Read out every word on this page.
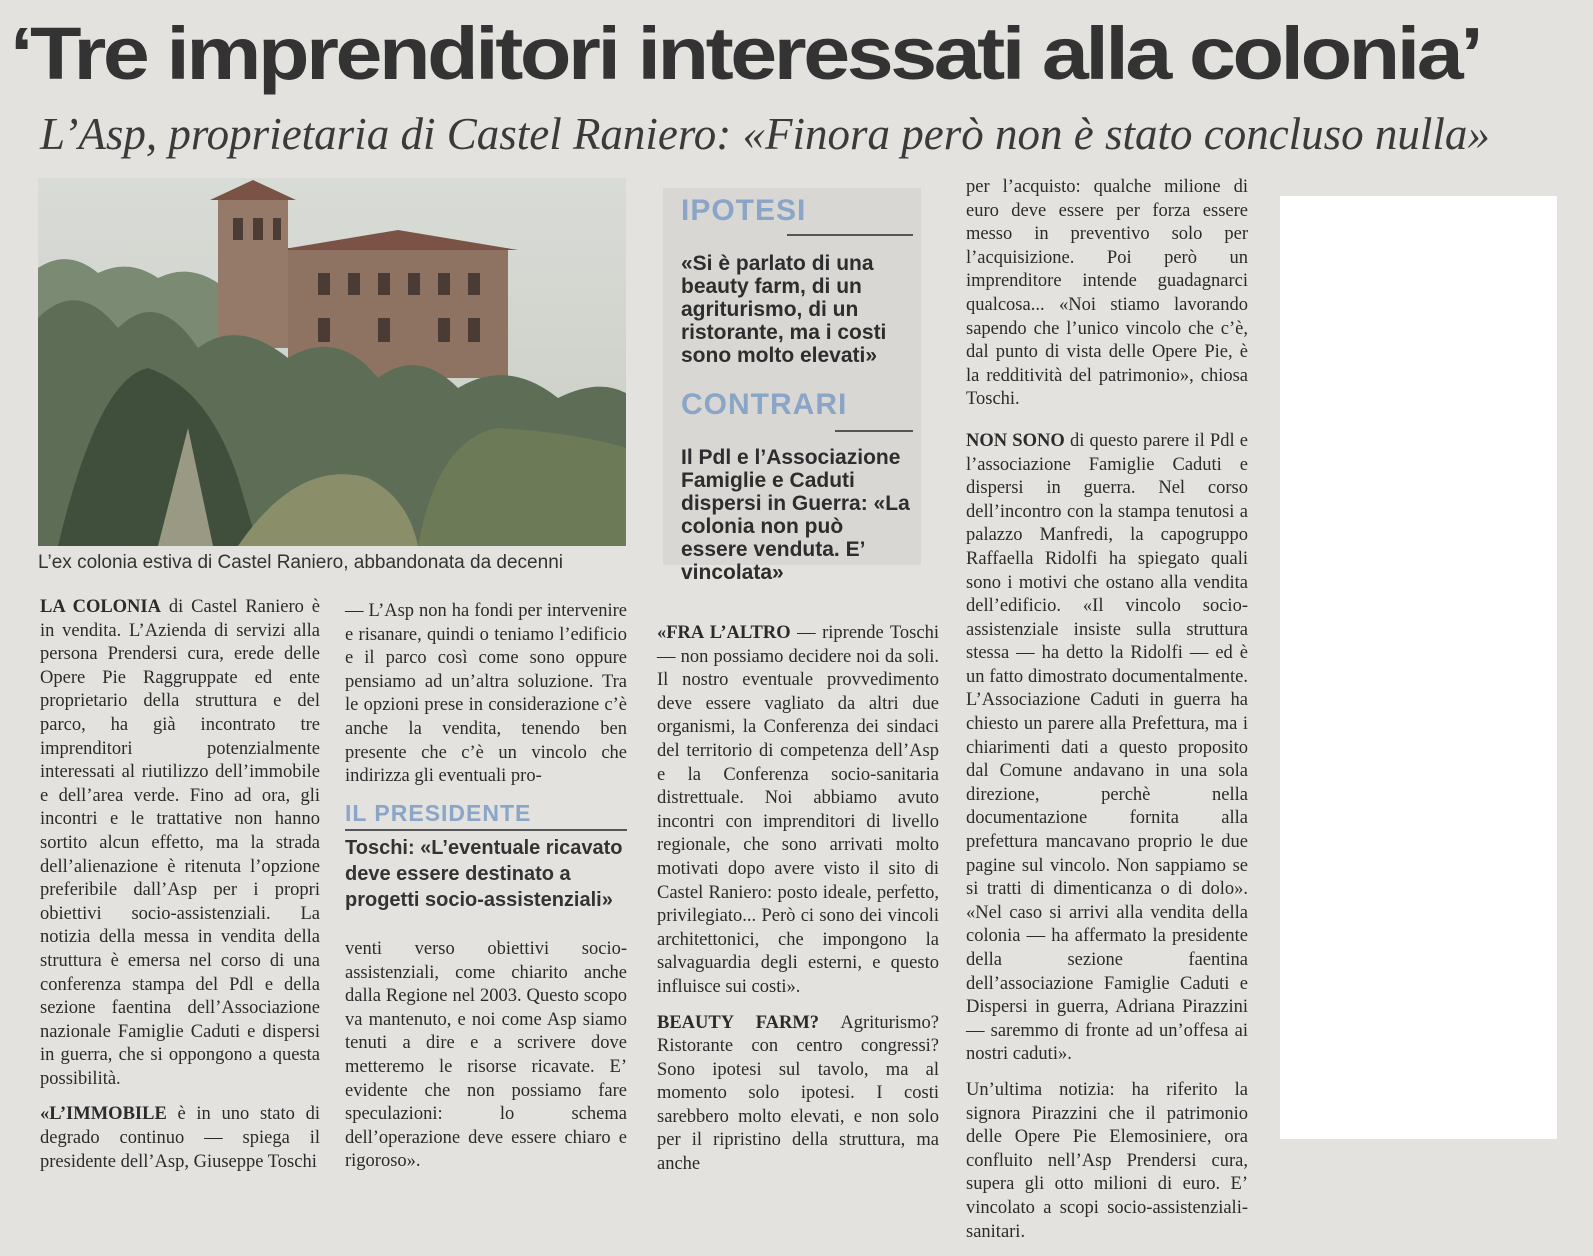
‘Tre imprenditori interessati alla colonia’
L’Asp, proprietaria di Castel Raniero: «Finora però non è stato concluso nulla»
L’ex colonia estiva di Castel Raniero, abbandonata da decenni
IPOTESI
«Si è parlato di una beauty farm, di un agriturismo, di un ristorante, ma i costi sono molto elevati»
CONTRARI
Il Pdl e l’Associazione Famiglie e Caduti dispersi in Guerra: «La colonia non può essere venduta. E’ vincolata»

LA COLONIA di Castel Raniero è in vendita. L’Azienda di servizi alla persona Prendersi cura, erede delle Opere Pie Raggruppate ed ente proprietario della struttura e del parco, ha già incontrato tre imprenditori potenzialmente interessati al riutilizzo dell’immobile e dell’area verde. Fino ad ora, gli incontri e le trattative non hanno sortito alcun effetto, ma la strada dell’alienazione è ritenuta l’opzione preferibile dall’Asp per i propri obiettivi socio-assistenziali. La notizia della messa in vendita della struttura è emersa nel corso di una conferenza stampa del Pdl e della sezione faentina dell’Associazione nazionale Famiglie Caduti e dispersi in guerra, che si oppongono a questa possibilità.

«L’IMMOBILE è in uno stato di degrado continuo — spiega il presidente dell’Asp, Giuseppe Toschi

— L’Asp non ha fondi per intervenire e risanare, quindi o teniamo l’edificio e il parco così come sono oppure pensiamo ad un’altra soluzione. Tra le opzioni prese in considerazione c’è anche la vendita, tenendo ben presente che c’è un vincolo che indirizza gli eventuali pro-

IL PRESIDENTE
Toschi: «L’eventuale ricavato deve essere destinato a progetti socio-assistenziali»

venti verso obiettivi socio-assistenziali, come chiarito anche dalla Regione nel 2003. Questo scopo va mantenuto, e noi come Asp siamo tenuti a dire e a scrivere dove metteremo le risorse ricavate. E’ evidente che non possiamo fare speculazioni: lo schema dell’operazione deve essere chiaro e rigoroso».

«FRA L’ALTRO — riprende Toschi — non possiamo decidere noi da soli. Il nostro eventuale provvedimento deve essere vagliato da altri due organismi, la Conferenza dei sindaci del territorio di competenza dell’Asp e la Conferenza socio-sanitaria distrettuale. Noi abbiamo avuto incontri con imprenditori di livello regionale, che sono arrivati molto motivati dopo avere visto il sito di Castel Raniero: posto ideale, perfetto, privilegiato... Però ci sono dei vincoli architettonici, che impongono la salvaguardia degli esterni, e questo influisce sui costi».

BEAUTY FARM? Agriturismo? Ristorante con centro congressi? Sono ipotesi sul tavolo, ma al momento solo ipotesi. I costi sarebbero molto elevati, e non solo per il ripristino della struttura, ma anche

per l’acquisto: qualche milione di euro deve essere per forza essere messo in preventivo solo per l’acquisizione. Poi però un imprenditore intende guadagnarci qualcosa... «Noi stiamo lavorando sapendo che l’unico vincolo che c’è, dal punto di vista delle Opere Pie, è la redditività del patrimonio», chiosa Toschi.

NON SONO di questo parere il Pdl e l’associazione Famiglie Caduti e dispersi in guerra. Nel corso dell’incontro con la stampa tenutosi a palazzo Manfredi, la capogruppo Raffaella Ridolfi ha spiegato quali sono i motivi che ostano alla vendita dell’edificio. «Il vincolo socio-assistenziale insiste sulla struttura stessa — ha detto la Ridolfi — ed è un fatto dimostrato documentalmente. L’Associazione Caduti in guerra ha chiesto un parere alla Prefettura, ma i chiarimenti dati a questo proposito dal Comune andavano in una sola direzione, perchè nella documentazione fornita alla prefettura mancavano proprio le due pagine sul vincolo. Non sappiamo se si tratti di dimenticanza o di dolo». «Nel caso si arrivi alla vendita della colonia — ha affermato la presidente della sezione faentina dell’associazione Famiglie Caduti e Dispersi in guerra, Adriana Pirazzini — saremmo di fronte ad un’offesa ai nostri caduti».

Un’ultima notizia: ha riferito la signora Pirazzini che il patrimonio delle Opere Pie Elemosiniere, ora confluito nell’Asp Prendersi cura, supera gli otto milioni di euro. E’ vincolato a scopi socio-assistenziali-sanitari.
